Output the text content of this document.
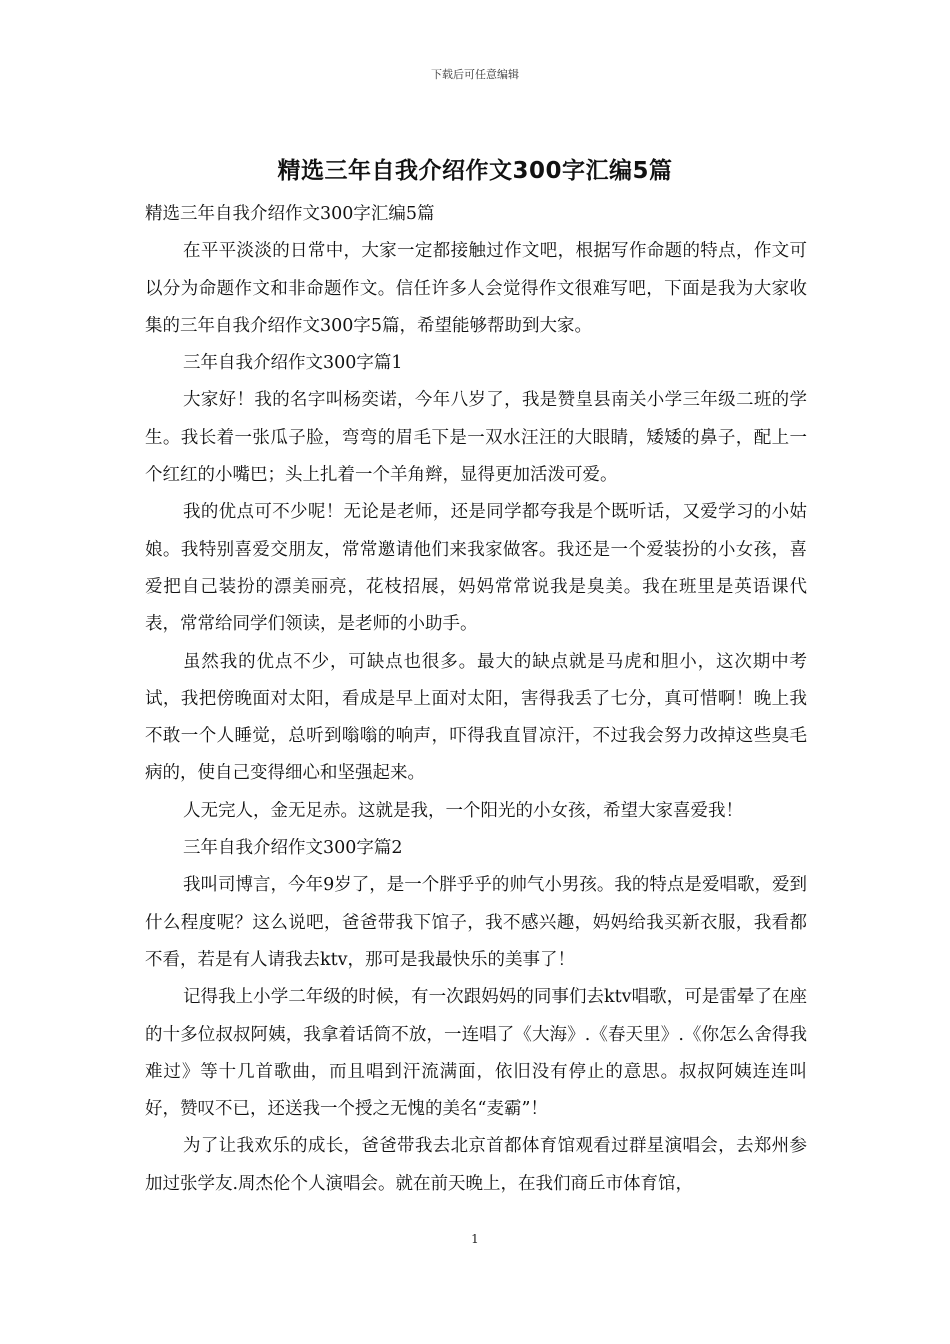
下载后可任意编辑
精选三年自我介绍作文300字汇编5篇

精选三年自我介绍作文300字汇编5篇

在平平淡淡的日常中，大家一定都接触过作文吧，根据写作命题的特点，作文可以分为命题作文和非命题作文。信任许多人会觉得作文很难写吧，下面是我为大家收集的三年自我介绍作文300字5篇，希望能够帮助到大家。

三年自我介绍作文300字篇1

大家好！我的名字叫杨奕诺，今年八岁了，我是赞皇县南关小学三年级二班的学生。我长着一张瓜子脸，弯弯的眉毛下是一双水汪汪的大眼睛，矮矮的鼻子，配上一个红红的小嘴巴；头上扎着一个羊角辫，显得更加活泼可爱。

我的优点可不少呢！无论是老师，还是同学都夸我是个既听话，又爱学习的小姑娘。我特别喜爱交朋友，常常邀请他们来我家做客。我还是一个爱装扮的小女孩，喜爱把自己装扮的漂美丽亮，花枝招展，妈妈常常说我是臭美。我在班里是英语课代表，常常给同学们领读，是老师的小助手。

虽然我的优点不少，可缺点也很多。最大的缺点就是马虎和胆小，这次期中考试，我把傍晚面对太阳，看成是早上面对太阳，害得我丢了七分，真可惜啊！晚上我不敢一个人睡觉，总听到嗡嗡的响声，吓得我直冒凉汗，不过我会努力改掉这些臭毛病的，使自己变得细心和坚强起来。

人无完人，金无足赤。这就是我，一个阳光的小女孩，希望大家喜爱我！

三年自我介绍作文300字篇2

我叫司博言，今年9岁了，是一个胖乎乎的帅气小男孩。我的特点是爱唱歌，爱到什么程度呢？这么说吧，爸爸带我下馆子，我不感兴趣，妈妈给我买新衣服，我看都不看，若是有人请我去ktv，那可是我最快乐的美事了！

记得我上小学二年级的时候，有一次跟妈妈的同事们去ktv唱歌，可是雷晕了在座的十多位叔叔阿姨，我拿着话筒不放，一连唱了《大海》.《春天里》.《你怎么舍得我难过》等十几首歌曲，而且唱到汗流满面，依旧没有停止的意思。叔叔阿姨连连叫好，赞叹不已，还送我一个授之无愧的美名“麦霸”！

为了让我欢乐的成长，爸爸带我去北京首都体育馆观看过群星演唱会，去郑州参加过张学友.周杰伦个人演唱会。就在前天晚上，在我们商丘市体育馆，

1
